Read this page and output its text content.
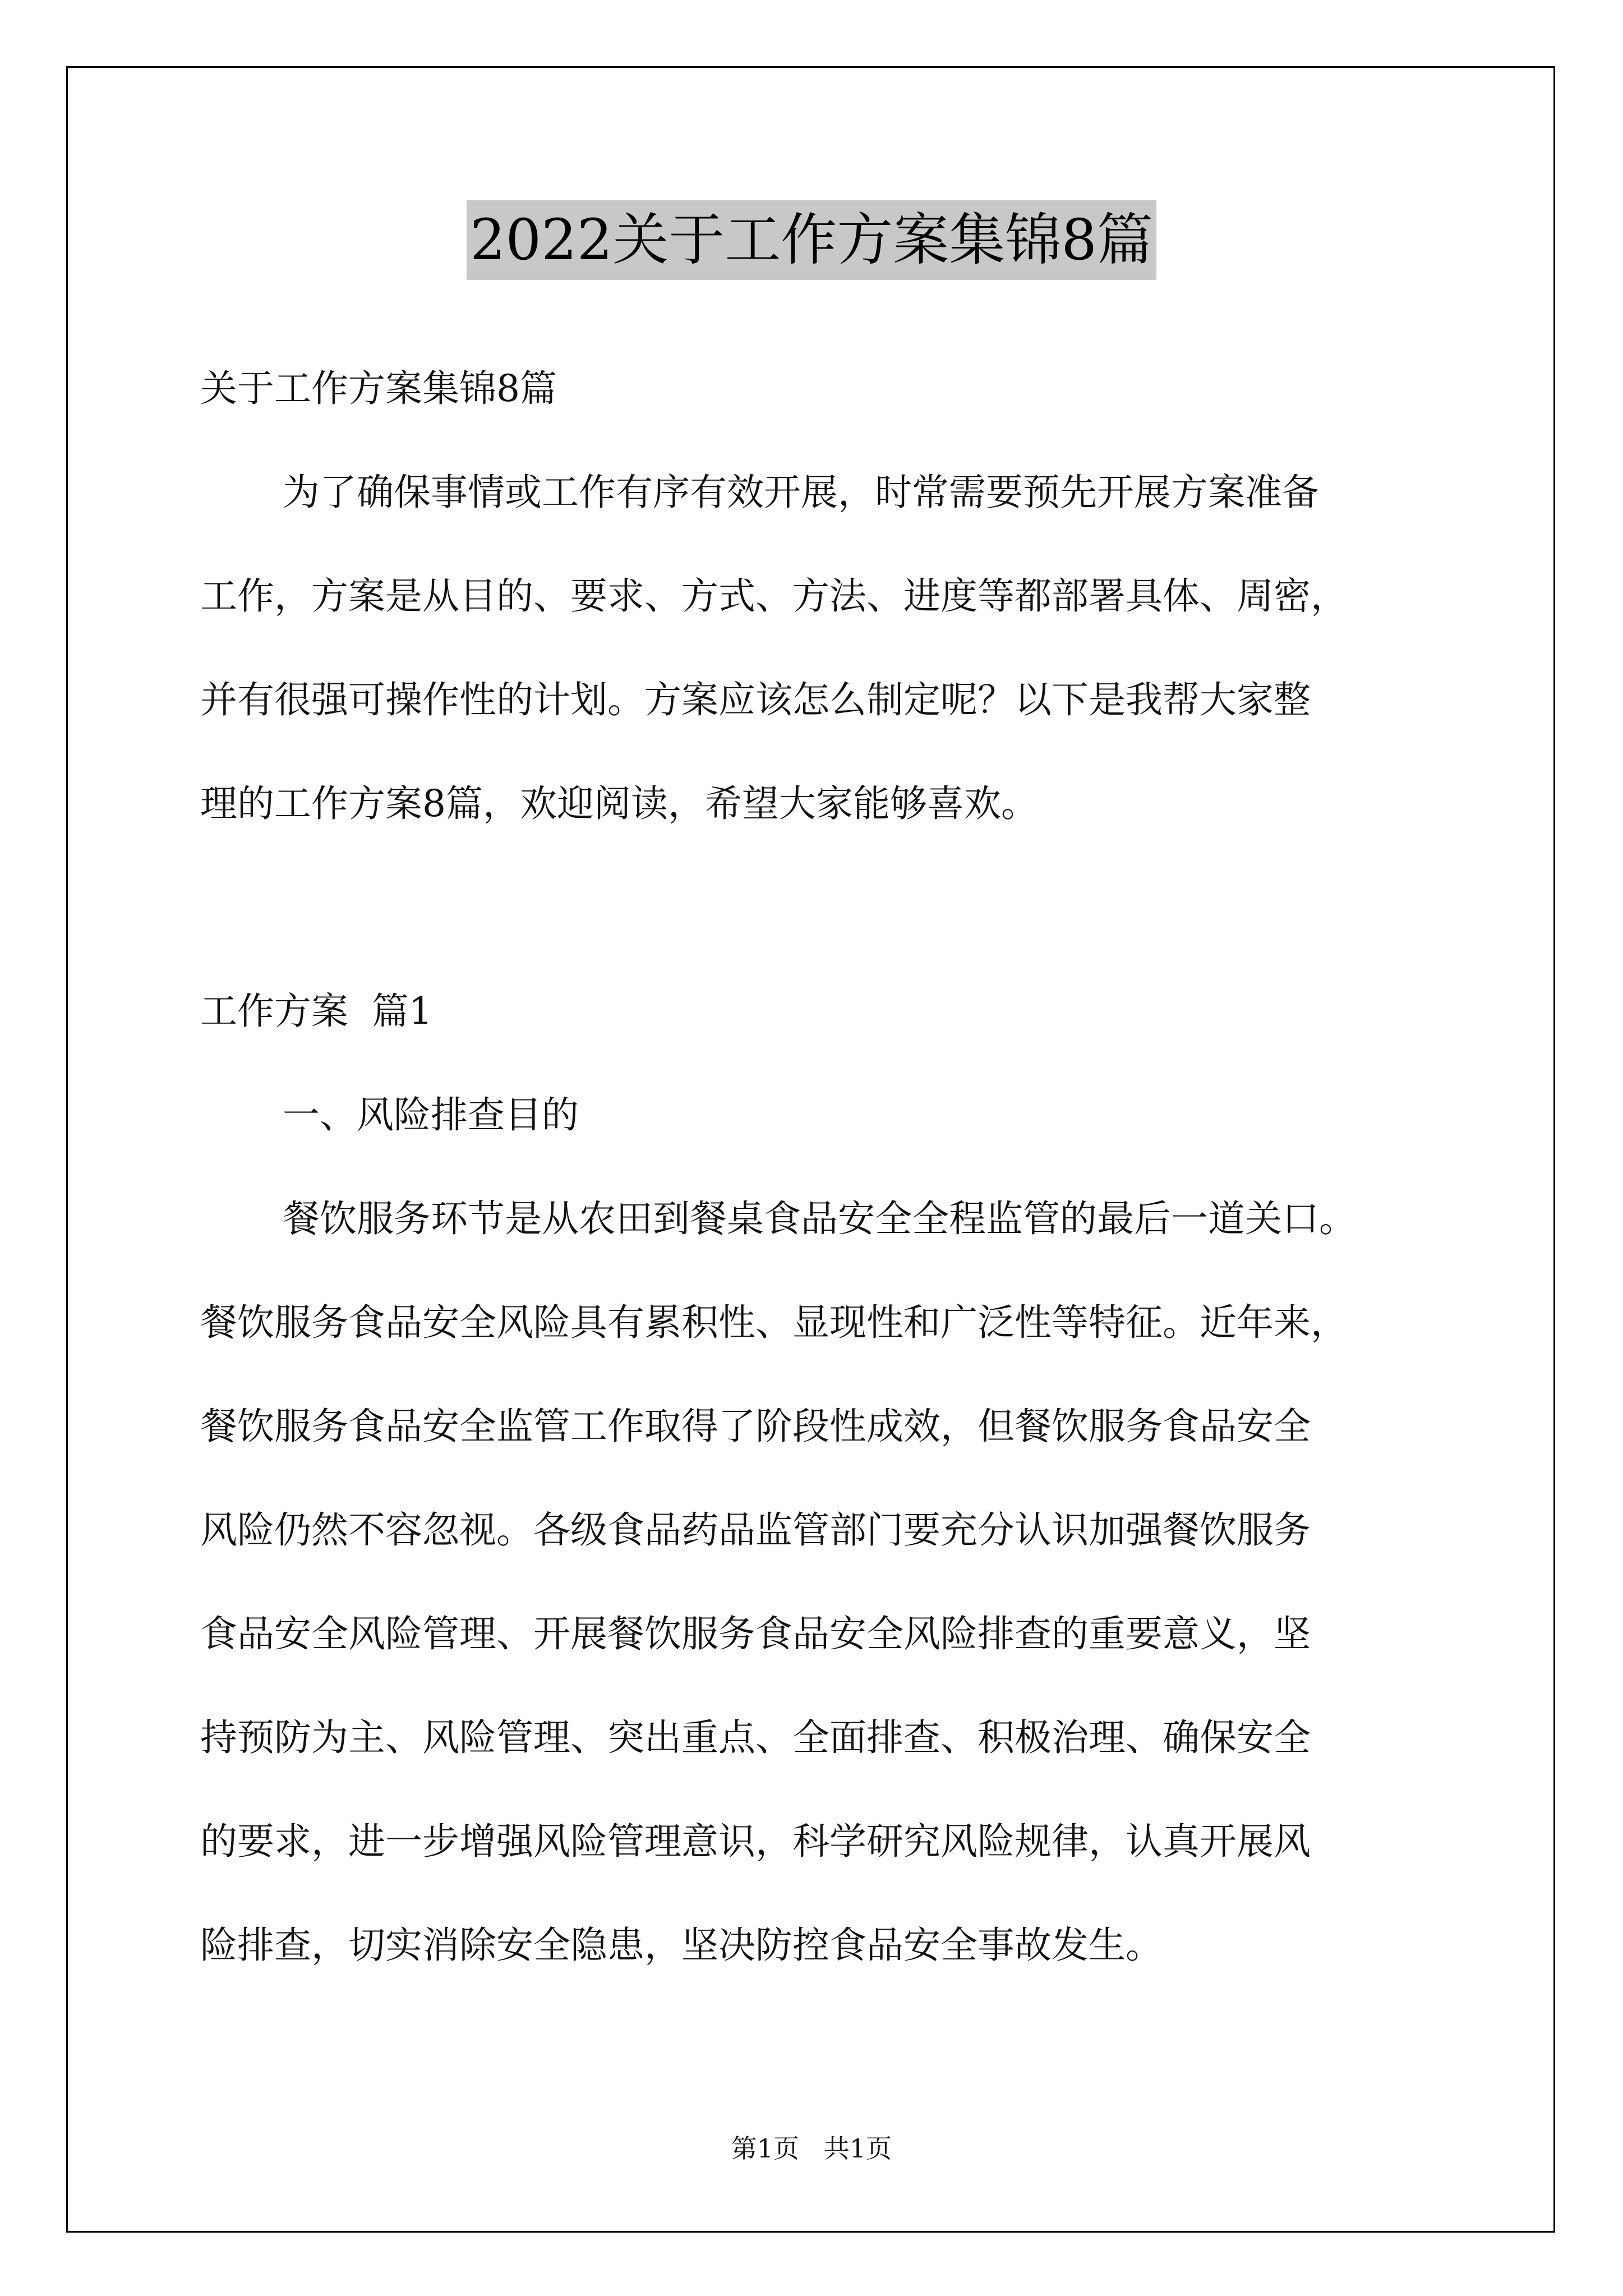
2022关于工作方案集锦8篇
关于工作方案集锦8篇
为了确保事情或工作有序有效开展，时常需要预先开展方案准备
工作，方案是从目的、要求、方式、方法、进度等都部署具体、周密，
并有很强可操作性的计划。方案应该怎么制定呢？以下是我帮大家整
理的工作方案8篇，欢迎阅读，希望大家能够喜欢。
工作方案  篇1
一、风险排查目的
餐饮服务环节是从农田到餐桌食品安全全程监管的最后一道关口。
餐饮服务食品安全风险具有累积性、显现性和广泛性等特征。近年来，
餐饮服务食品安全监管工作取得了阶段性成效，但餐饮服务食品安全
风险仍然不容忽视。各级食品药品监管部门要充分认识加强餐饮服务
食品安全风险管理、开展餐饮服务食品安全风险排查的重要意义，坚
持预防为主、风险管理、突出重点、全面排查、积极治理、确保安全
的要求，进一步增强风险管理意识，科学研究风险规律，认真开展风
险排查，切实消除安全隐患，坚决防控食品安全事故发生。
第1页   共1页
